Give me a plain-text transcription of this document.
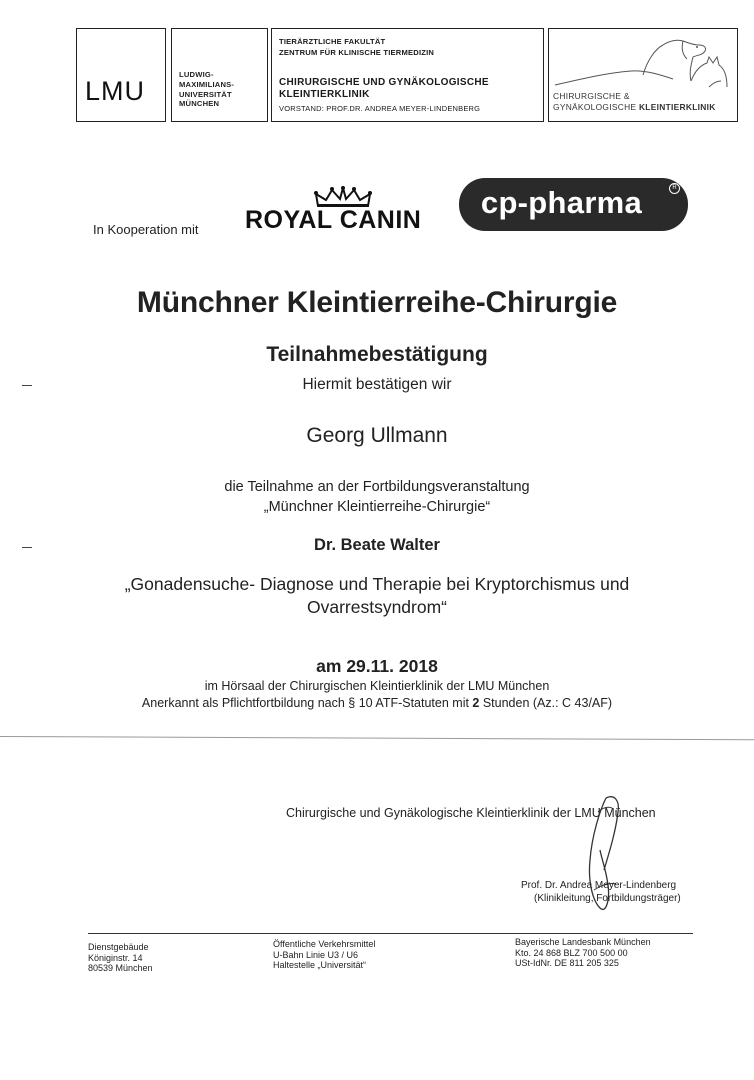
LMU
LUDWIG-
MAXIMILIANS-
UNIVERSITÄT
MÜNCHEN
TIERÄRZTLICHE FAKULTÄT
ZENTRUM FÜR KLINISCHE TIERMEDIZIN
CHIRURGISCHE UND GYNÄKOLOGISCHE
KLEINTIERKLINIK
VORSTAND: PROF.DR. ANDREA MEYER-LINDENBERG
CHIRURGISCHE &
GYNÄKOLOGISCHE KLEINTIERKLINIK
In Kooperation mit ROYAL CANIN	cp-pharma	R
Münchner Kleintierreihe-Chirurgie
Teilnahmebestätigung
Hiermit bestätigen wir
Georg Ullmann
die Teilnahme an der Fortbildungsveranstaltung
„Münchner Kleintierreihe-Chirurgie“
Dr. Beate Walter
„Gonadensuche- Diagnose und Therapie bei Kryptorchismus und
Ovarrestsyndrom“
am 29.11. 2018
im Hörsaal der Chirurgischen Kleintierklinik der LMU München
Anerkannt als Pflichtfortbildung nach § 10 ATF-Statuten mit 2 Stunden (Az.: C 43/AF)
Chirurgische und Gynäkologische Kleintierklinik der LMU München
Prof. Dr. Andrea Meyer-Lindenberg
(Klinikleitung, Fortbildungsträger)
Dienstgebäude
Königinstr. 14
80539 München
Öffentliche Verkehrsmittel
U-Bahn Linie U3 / U6
Haltestelle „Universität“
Bayerische Landesbank München
Kto. 24 868 BLZ 700 500 00
USt-IdNr. DE 811 205 325
